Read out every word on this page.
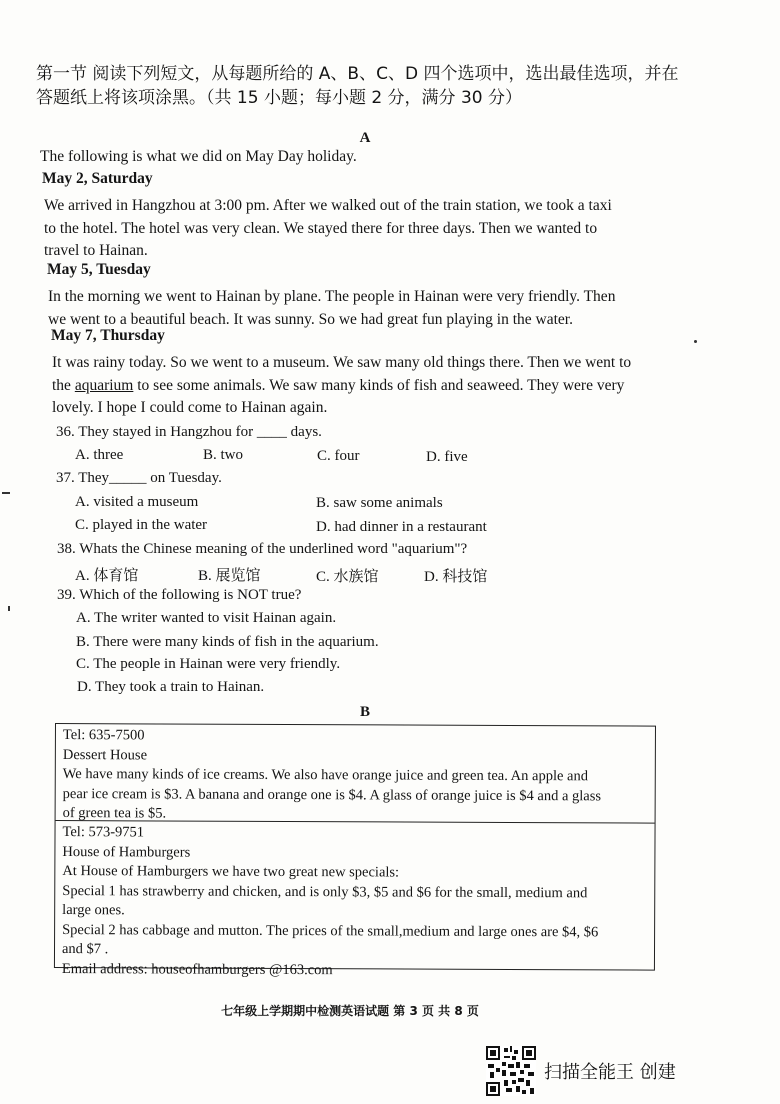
第一节 阅读下列短文，从每题所给的 A、B、C、D 四个选项中，选出最佳选项，并在
答题纸上将该项涂黑。（共 15 小题；每小题 2 分，满分 30 分）
A
The following is what we did on May Day holiday.
May 2, Saturday
We arrived in Hangzhou at 3:00 pm. After we walked out of the train station, we took a taxi
to the hotel. The hotel was very clean. We stayed there for three days. Then we wanted to
travel to Hainan.
May 5, Tuesday
In the morning we went to Hainan by plane. The people in Hainan were very friendly. Then
we went to a beautiful beach. It was sunny. So we had great fun playing in the water.
May 7, Thursday
It was rainy today. So we went to a museum. We saw many old things there. Then we went to
the aquarium to see some animals. We saw many kinds of fish and seaweed. They were very
lovely. I hope I could come to Hainan again.
36. They stayed in Hangzhou for ____ days.
A. three	B. two	C. four	D. five
37. They_____ on Tuesday.
A. visited a museum	B. saw some animals
C. played in the water	D. had dinner in a restaurant
38. Whats the Chinese meaning of the underlined word "aquarium"?
A. 体育馆	B. 展览馆	C. 水族馆	D. 科技馆
39. Which of the following is NOT true?
A. The writer wanted to visit Hainan again.
B. There were many kinds of fish in the aquarium.
C. The people in Hainan were very friendly.
D. They took a train to Hainan.
B
Tel: 635-7500
Dessert House
We have many kinds of ice creams. We also have orange juice and green tea. An apple and
pear ice cream is $3. A banana and orange one is $4. A glass of orange juice is $4 and a glass
of green tea is $5.
Tel: 573-9751
House of Hamburgers
At House of Hamburgers we have two great new specials:
Special 1 has strawberry and chicken, and is only $3, $5 and $6 for the small, medium and
large ones.
Special 2 has cabbage and mutton. The prices of the small,medium and large ones are $4, $6
and $7 .
Email address: houseofhamburgers @163.com
七年级上学期期中检测英语试题 第 3 页 共 8 页
扫描全能王 创建
